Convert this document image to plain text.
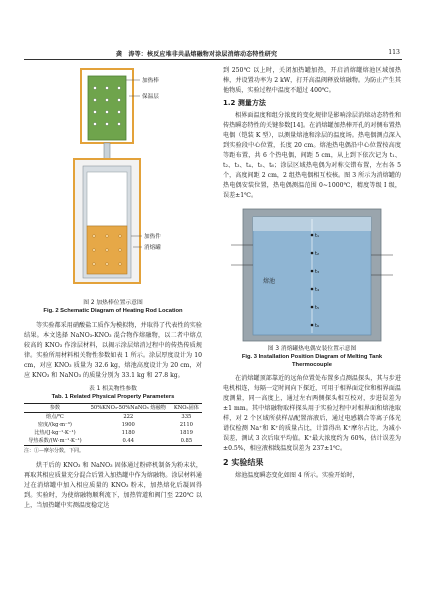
龚　涛等：核反应堆非共晶熔融物对涂层消熔动态特性研究	113
加热棒
保温层
加热件
消熔罐
图 2 加热棒位置示意图
Fig. 2 Schematic Diagram of Heating Rod Location

等实验都采用硝酸盐工质作为模拟物，并取得了代表性的实验结果。本文选择 NaNO₃-KNO₃ 混合物作熔融物，以二者中熔点较高的 KNO₃ 作涂层材料，以揭示涂层熔消过程中的传热传质规律。实验所用材料相关物性参数如表 1 所示。涂层厚度设计为 10 cm，对应 KNO₃ 质量为 32.6 kg，熔池高度设计为 20 cm，对应 KNO₃ 和 NaNO₃ 的质量分别为 33.1 kg 和 27.8 kg。

表 1 相关物性参数
Tab. 1 Related Physical Property Parameters
参数	50%KNO₃-50%NaNO₃ 熔融物	KNO₃固体
熔点/℃	222	335
密度/(kg·m⁻³)	1900	2110
比热/(J·kg⁻¹·K⁻¹)	1180	1819
导热系数/(W·m⁻¹·K⁻¹)	0.44	0.85
注：①—摩尔分数，下同。

烘干后的 KNO₃ 和 NaNO₃ 固体通过粉碎机制备为粉末状，再取其相应质量充分混合后置入加热罐中作为熔融物。涂层材料通过在消熔罐中加入相应质量的 KNO₃ 粉末，加热熔化后凝固得到。实验时，为使熔融物顺利流下，加热管道和阀门至 220℃ 以上，当加热罐中实测温度稳定达

到 250℃ 以上时，关闭加热罐加热，开启消熔罐熔池区域加热棒，并设置功率为 2 kW，打开高温阀释放熔融物。为防止产生其他物质，实验过程中温度不超过 400℃。

1.2 测量方法

相界面温度和组分浓度的变化规律是影响涂层消熔动态特性和传热瞬态特性的关键参数[14]。在消熔罐加热棒开孔的对侧布置热电偶（铠装 K 型），以测量熔池和涂层的温度场。热电偶测点深入到实验段中心位置，长度 20 cm。熔池热电偶沿中心位置按高度等距布置，共 6 个热电偶，间距 5 cm，从上到下依次记为 t₁、t₂、t₃、t₄、t₅、t₆；涂层区域热电偶为对称交错布置，左右各 5 个，高度间距 2 cm，2 组热电偶相互校核。图 3 所示为消熔罐的热电偶安装位置，热电偶测温范围 0~1000℃，精度等级 Ⅰ 级，误差±1℃。

t₁
t₂
t₃
t₄
t₅
t₆
熔池
图 3 消熔罐热电偶安装位置示意图
Fig. 3 Installation Position Diagram of Melting Tank Thermocouple

在消熔罐顶部靠近的远角位置处布置多点测温探头，其与步进电机相连，每隔一定时间向下探近，可用于相界面定位和相界面温度测量，同一高度上，通过左右两侧探头相互校对，步进误差为±1 mm。其中熔融物取样探头用于实验过程中对相界面和熔池取样，对 2 个区域所获样品配置溶液后，通过电感耦合等离子体光谱仪检测 Na⁺和 K⁺的质量占比，计算得出 K⁺摩尔占比，为减小误差，测试 3 次后取平均值。K⁺最大浓度约为 60%，估计误差为±0.5%，相应液相线温度误差为 237±1℃。

2 实验结果

熔池温度瞬态变化如图 4 所示。实验开始时，
